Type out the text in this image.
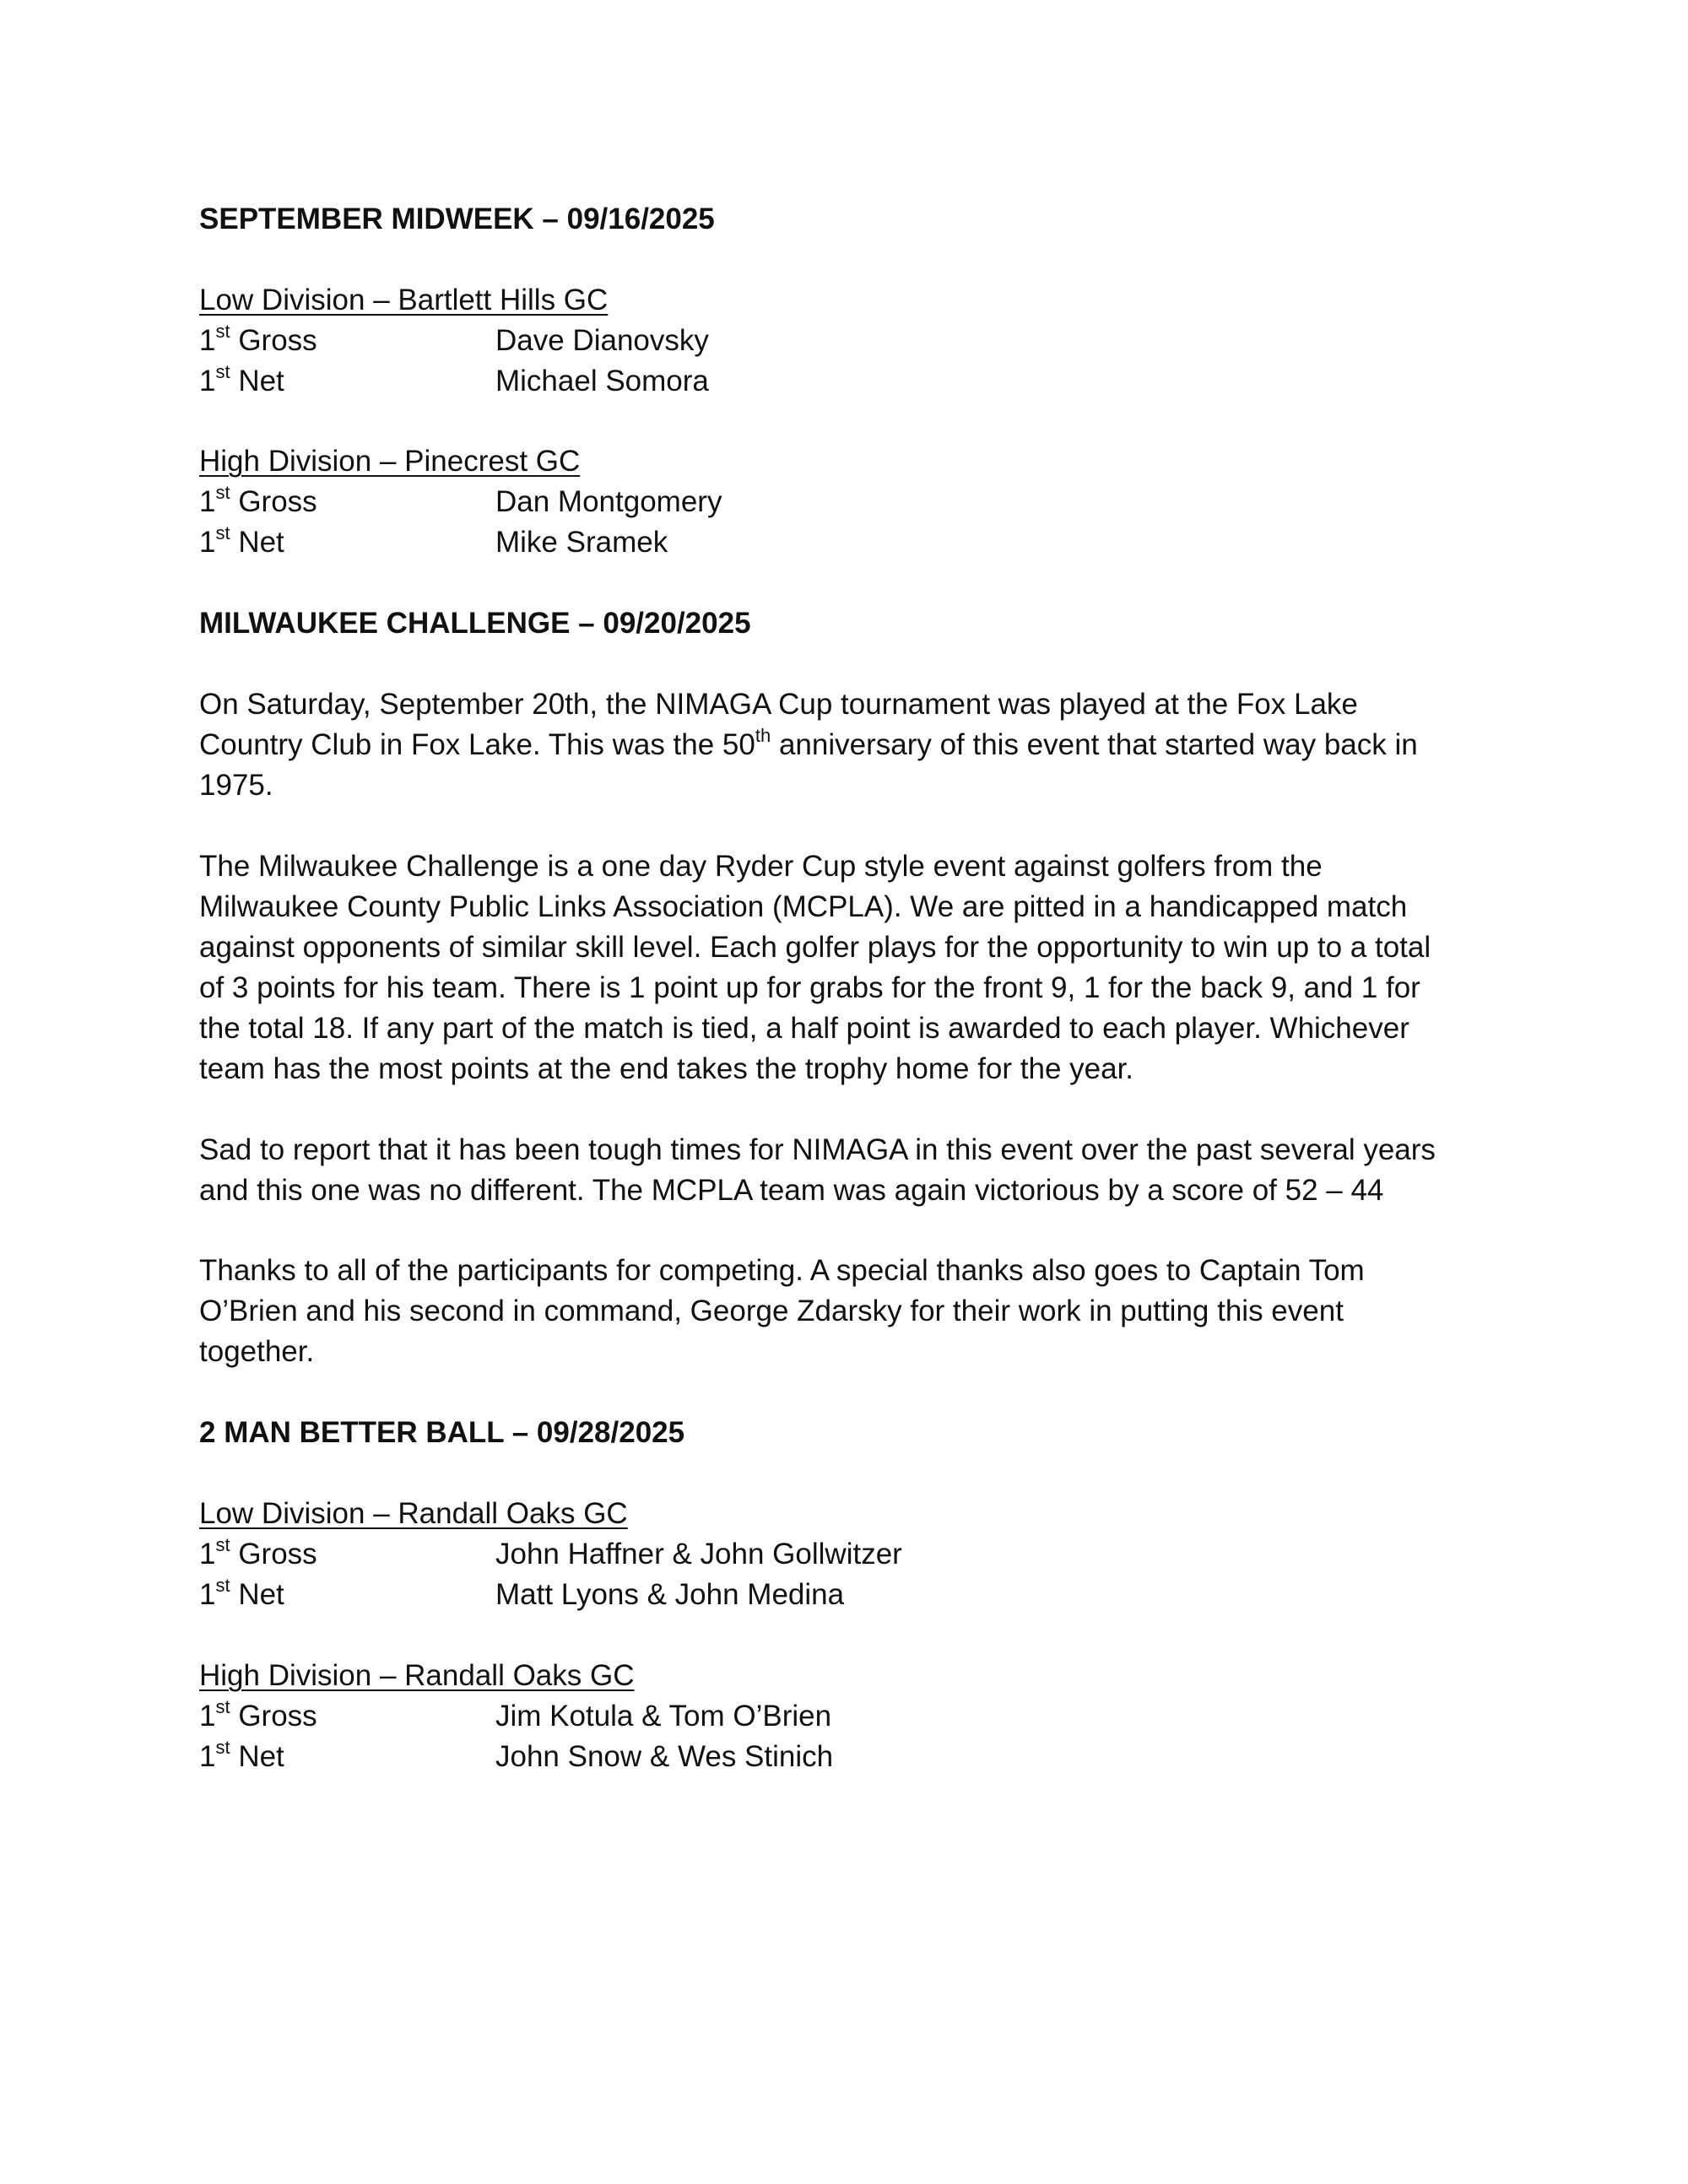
SEPTEMBER MIDWEEK – 09/16/2025
Low Division – Bartlett Hills GC
1st Gross	Dave Dianovsky
1st Net	Michael Somora
High Division – Pinecrest GC
1st Gross	Dan Montgomery
1st Net	Mike Sramek
MILWAUKEE CHALLENGE – 09/20/2025
On Saturday, September 20th, the NIMAGA Cup tournament was played at the Fox Lake
Country Club in Fox Lake. This was the 50th anniversary of this event that started way back in
1975.
The Milwaukee Challenge is a one day Ryder Cup style event against golfers from the
Milwaukee County Public Links Association (MCPLA). We are pitted in a handicapped match
against opponents of similar skill level. Each golfer plays for the opportunity to win up to a total
of 3 points for his team. There is 1 point up for grabs for the front 9, 1 for the back 9, and 1 for
the total 18. If any part of the match is tied, a half point is awarded to each player. Whichever
team has the most points at the end takes the trophy home for the year.
Sad to report that it has been tough times for NIMAGA in this event over the past several years
and this one was no different. The MCPLA team was again victorious by a score of 52 – 44
Thanks to all of the participants for competing. A special thanks also goes to Captain Tom
O’Brien and his second in command, George Zdarsky for their work in putting this event
together.
2 MAN BETTER BALL – 09/28/2025
Low Division – Randall Oaks GC
1st Gross	John Haffner & John Gollwitzer
1st Net	Matt Lyons & John Medina
High Division – Randall Oaks GC
1st Gross	Jim Kotula & Tom O’Brien
1st Net	John Snow & Wes Stinich
